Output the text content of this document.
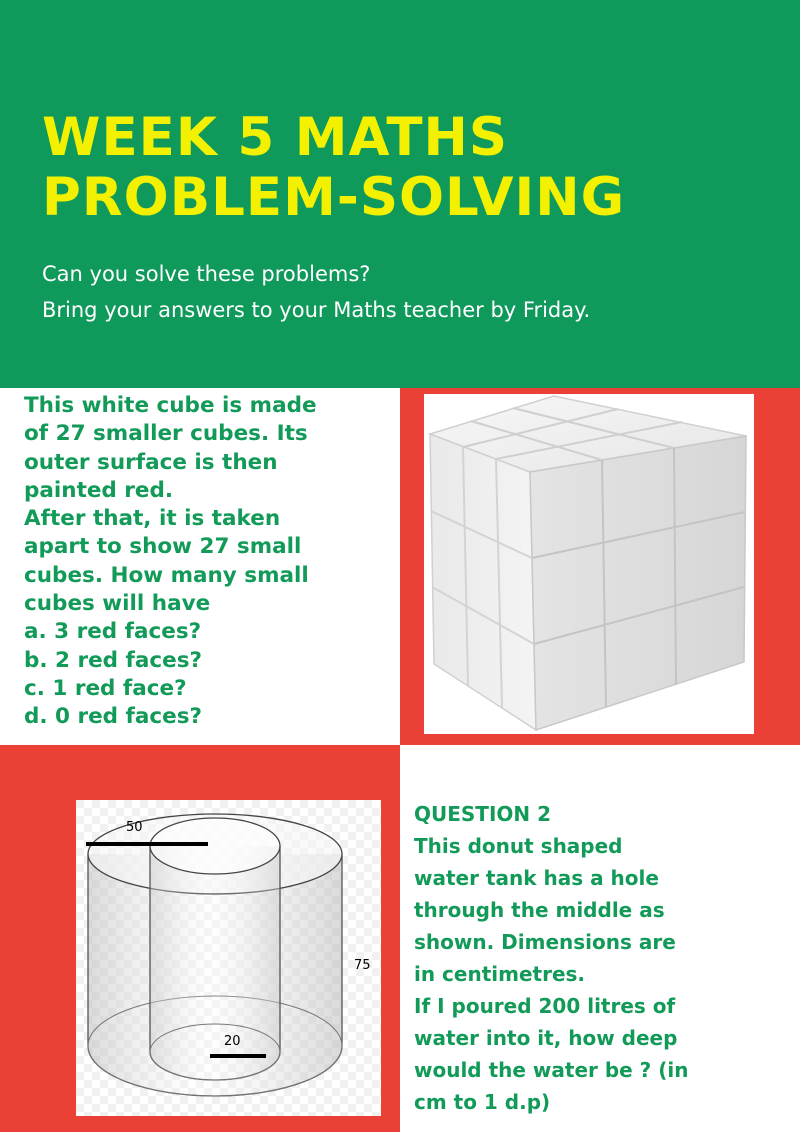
WEEK 5 MATHS
PROBLEM-SOLVING
Can you solve these problems?
Bring your answers to your Maths teacher by Friday.
This white cube is made
of 27 smaller cubes. Its
outer surface is then
painted red.
After that, it is taken
apart to show 27 small
cubes. How many small
cubes will have
a. 3 red faces?
b. 2 red faces?
c. 1 red face?
d. 0 red faces?
50
75
20
QUESTION 2
This donut shaped
water tank has a hole
through the middle as
shown. Dimensions are
in centimetres.
If I poured 200 litres of
water into it, how deep
would the water be ? (in
cm to 1 d.p)
